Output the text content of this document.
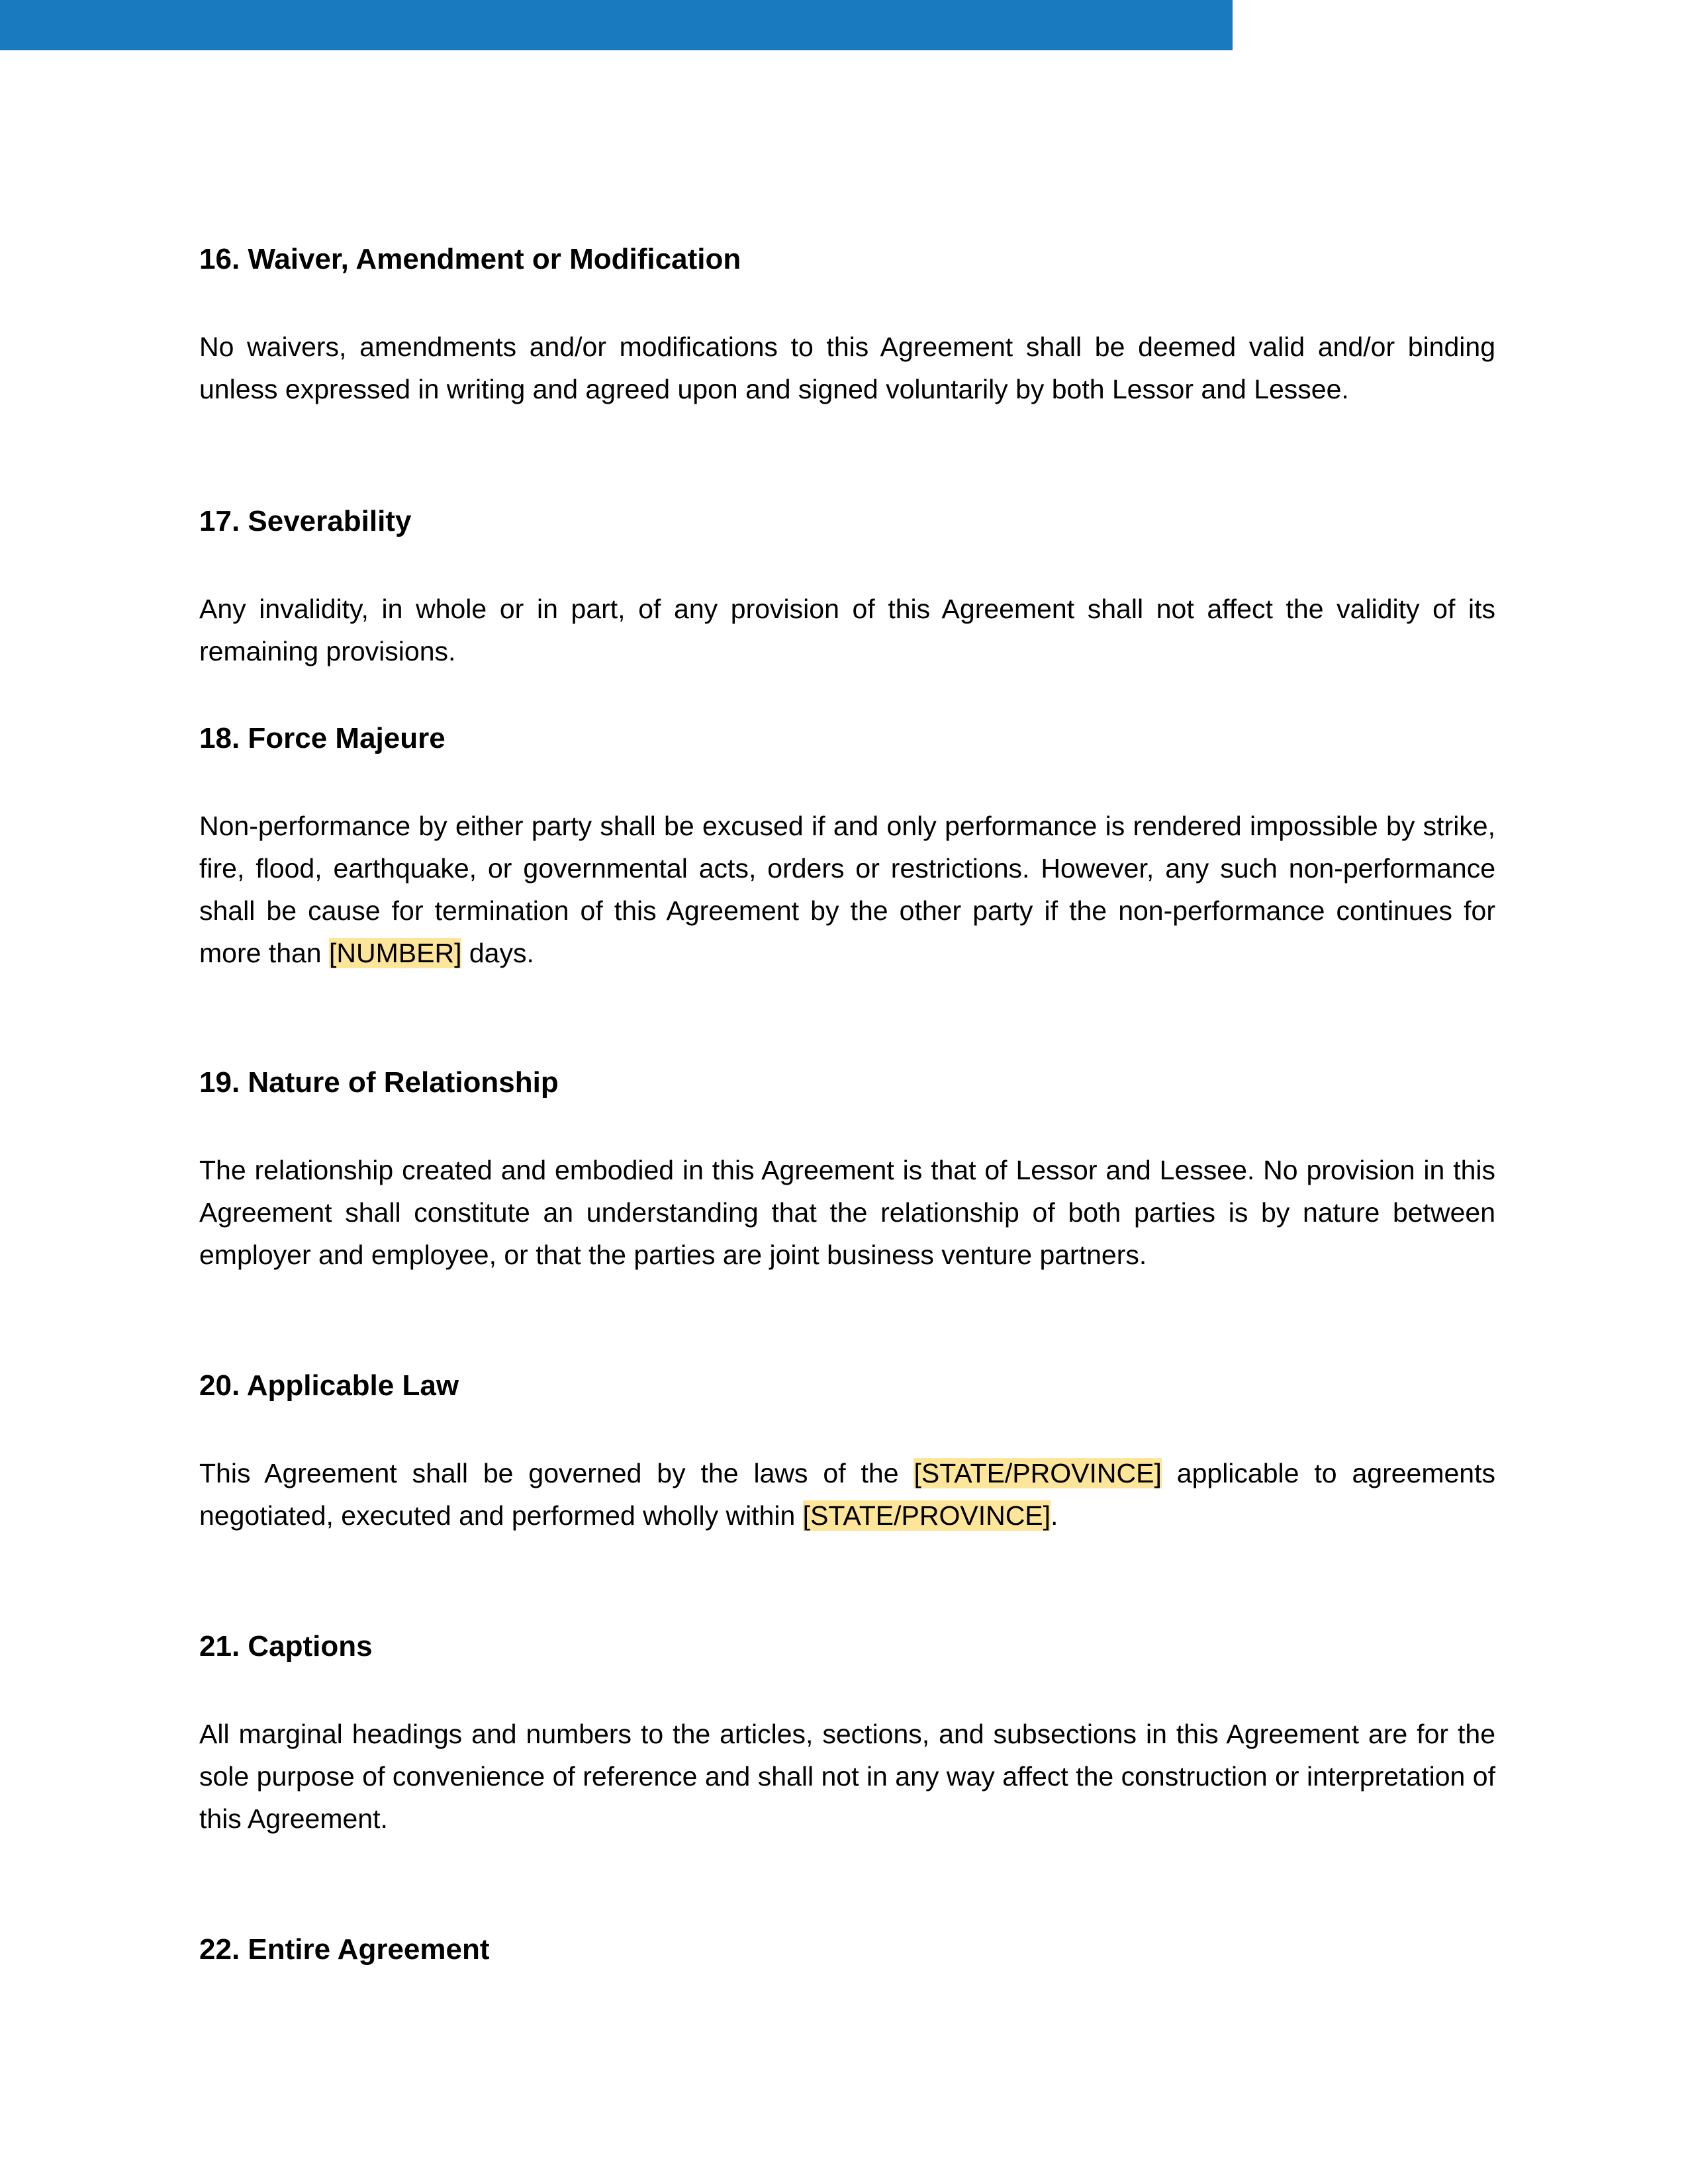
16. Waiver, Amendment or Modification

No waivers, amendments and/or modifications to this Agreement shall be deemed valid and/or binding unless expressed in writing and agreed upon and signed voluntarily by both Lessor and Lessee.

17. Severability

Any invalidity, in whole or in part, of any provision of this Agreement shall not affect the validity of its remaining provisions.

18. Force Majeure

Non-performance by either party shall be excused if and only performance is rendered impossible by strike, fire, flood, earthquake, or governmental acts, orders or restrictions. However, any such non-performance shall be cause for termination of this Agreement by the other party if the non-performance continues for more than [NUMBER] days.

19. Nature of Relationship

The relationship created and embodied in this Agreement is that of Lessor and Lessee. No provision in this Agreement shall constitute an understanding that the relationship of both parties is by nature between employer and employee, or that the parties are joint business venture partners.

20. Applicable Law

This Agreement shall be governed by the laws of the [STATE/PROVINCE] applicable to agreements negotiated, executed and performed wholly within [STATE/PROVINCE].

21. Captions

All marginal headings and numbers to the articles, sections, and subsections in this Agreement are for the sole purpose of convenience of reference and shall not in any way affect the construction or interpretation of this Agreement.

22. Entire Agreement
